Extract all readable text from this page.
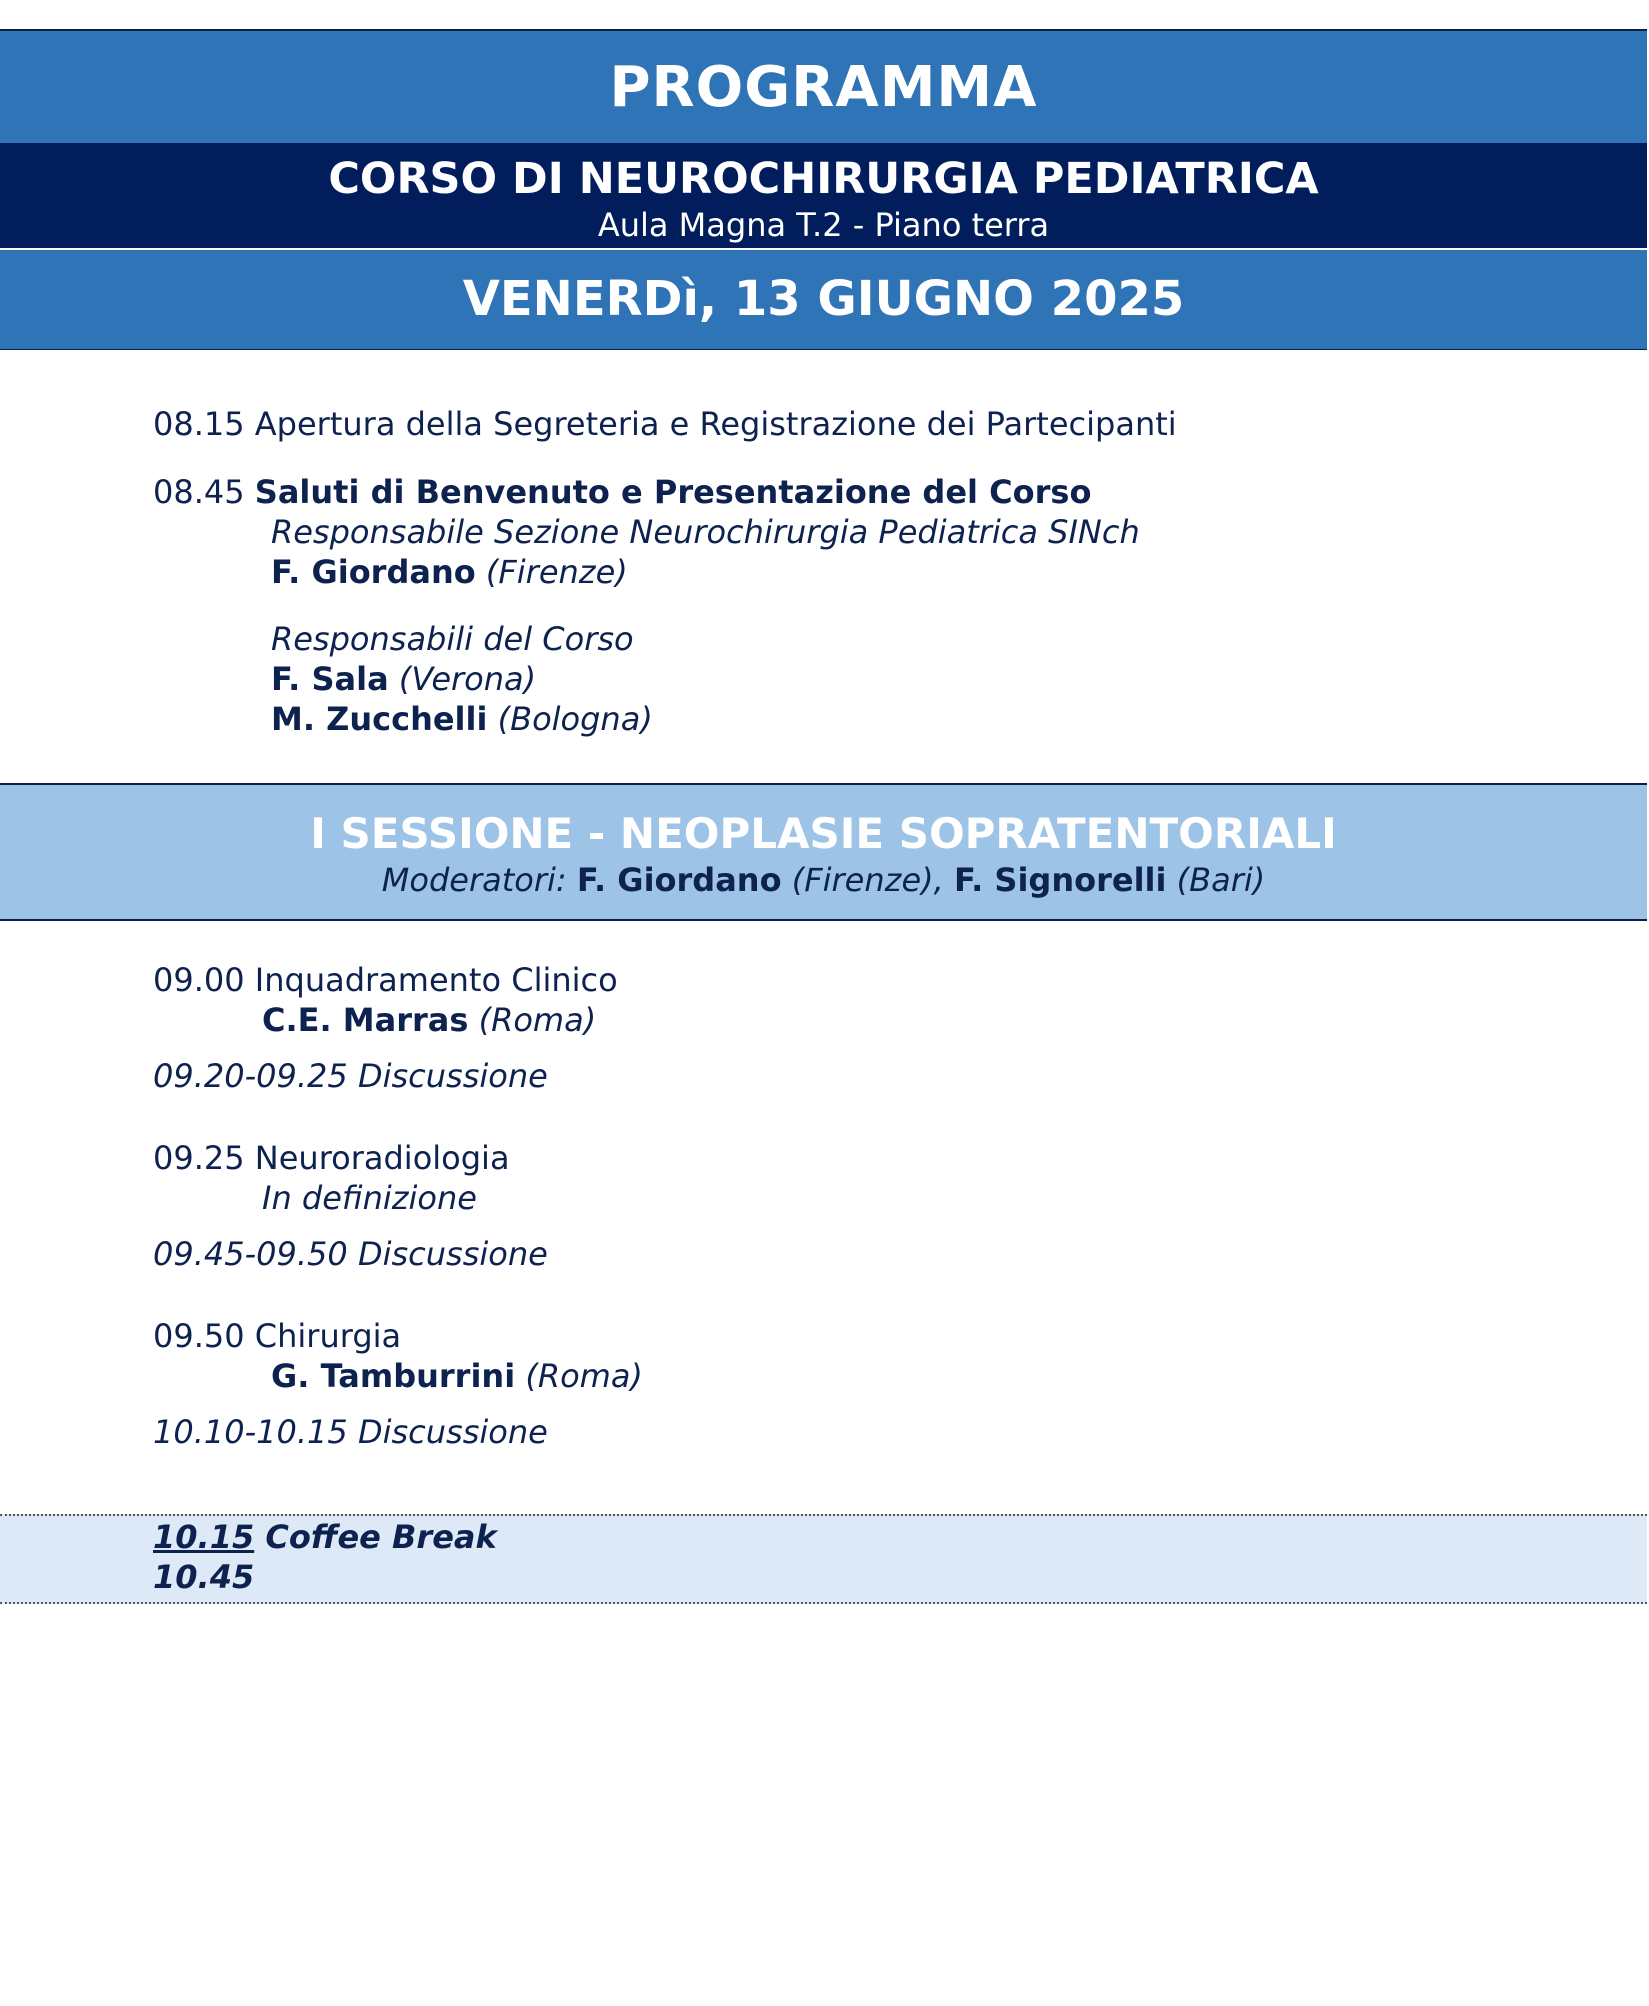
PROGRAMMA
CORSO DI NEUROCHIRURGIA PEDIATRICA
Aula Magna T.2 - Piano terra
VENERDì, 13 GIUGNO 2025
08.15 Apertura della Segreteria e Registrazione dei Partecipanti
08.45 Saluti di Benvenuto e Presentazione del Corso
Responsabile Sezione Neurochirurgia Pediatrica SINch
F. Giordano (Firenze)
Responsabili del Corso
F. Sala (Verona)
M. Zucchelli (Bologna)
I SESSIONE - NEOPLASIE SOPRATENTORIALI
Moderatori: F. Giordano (Firenze), F. Signorelli (Bari)
09.00 Inquadramento Clinico
C.E. Marras (Roma)
09.20-09.25 Discussione
09.25 Neuroradiologia
In definizione
09.45-09.50 Discussione
09.50 Chirurgia
G. Tamburrini (Roma)
10.10-10.15 Discussione
10.15 Coffee Break
10.45
